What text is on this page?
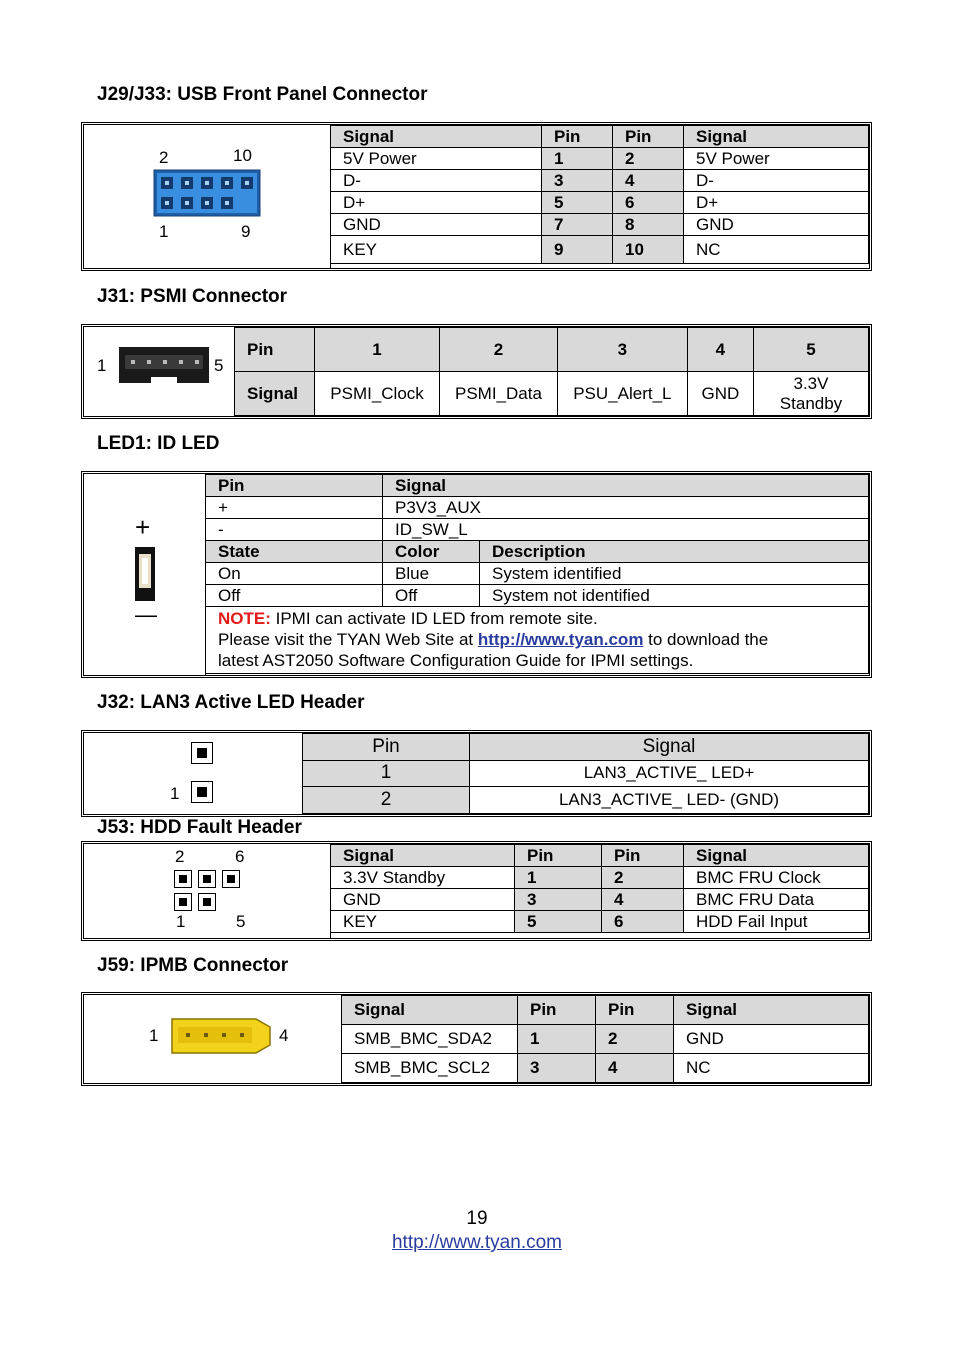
J29/J33: USB Front Panel Connector
2	10
1	9
Signal	Pin	Pin	Signal
5V Power	1	2	5V Power
D-	3	4	D-
D+	5	6	D+
GND	7	8	GND
KEY	9	10	NC
J31: PSMI Connector
1	5
Pin	1	2	3	4	5
Signal	PSMI_Clock	PSMI_Data	PSU_Alert_L	GND	3.3V Standby
LED1: ID LED
+
—
Pin	Signal	
+	P3V3_AUX	
-	ID_SW_L	
State	Color	Description
On	Blue	System identified
Off	Off	System not identified
NOTE: IPMI can activate ID LED from remote site.
Please visit the TYAN Web Site at http://www.tyan.com to download the
latest AST2050 Software Configuration Guide for IPMI settings.		
J32: LAN3 Active LED Header
1
Pin	Signal
1	LAN3_ACTIVE_ LED+
2	LAN3_ACTIVE_ LED- (GND)
J53: HDD Fault Header
2	6
1	5
Signal	Pin	Pin	Signal
3.3V Standby	1	2	BMC FRU Clock
GND	3	4	BMC FRU Data
KEY	5	6	HDD Fail Input
J59: IPMB Connector
1	4
Signal	Pin	Pin	Signal
SMB_BMC_SDA2	1	2	GND
SMB_BMC_SCL2	3	4	NC
19
http://www.tyan.com
